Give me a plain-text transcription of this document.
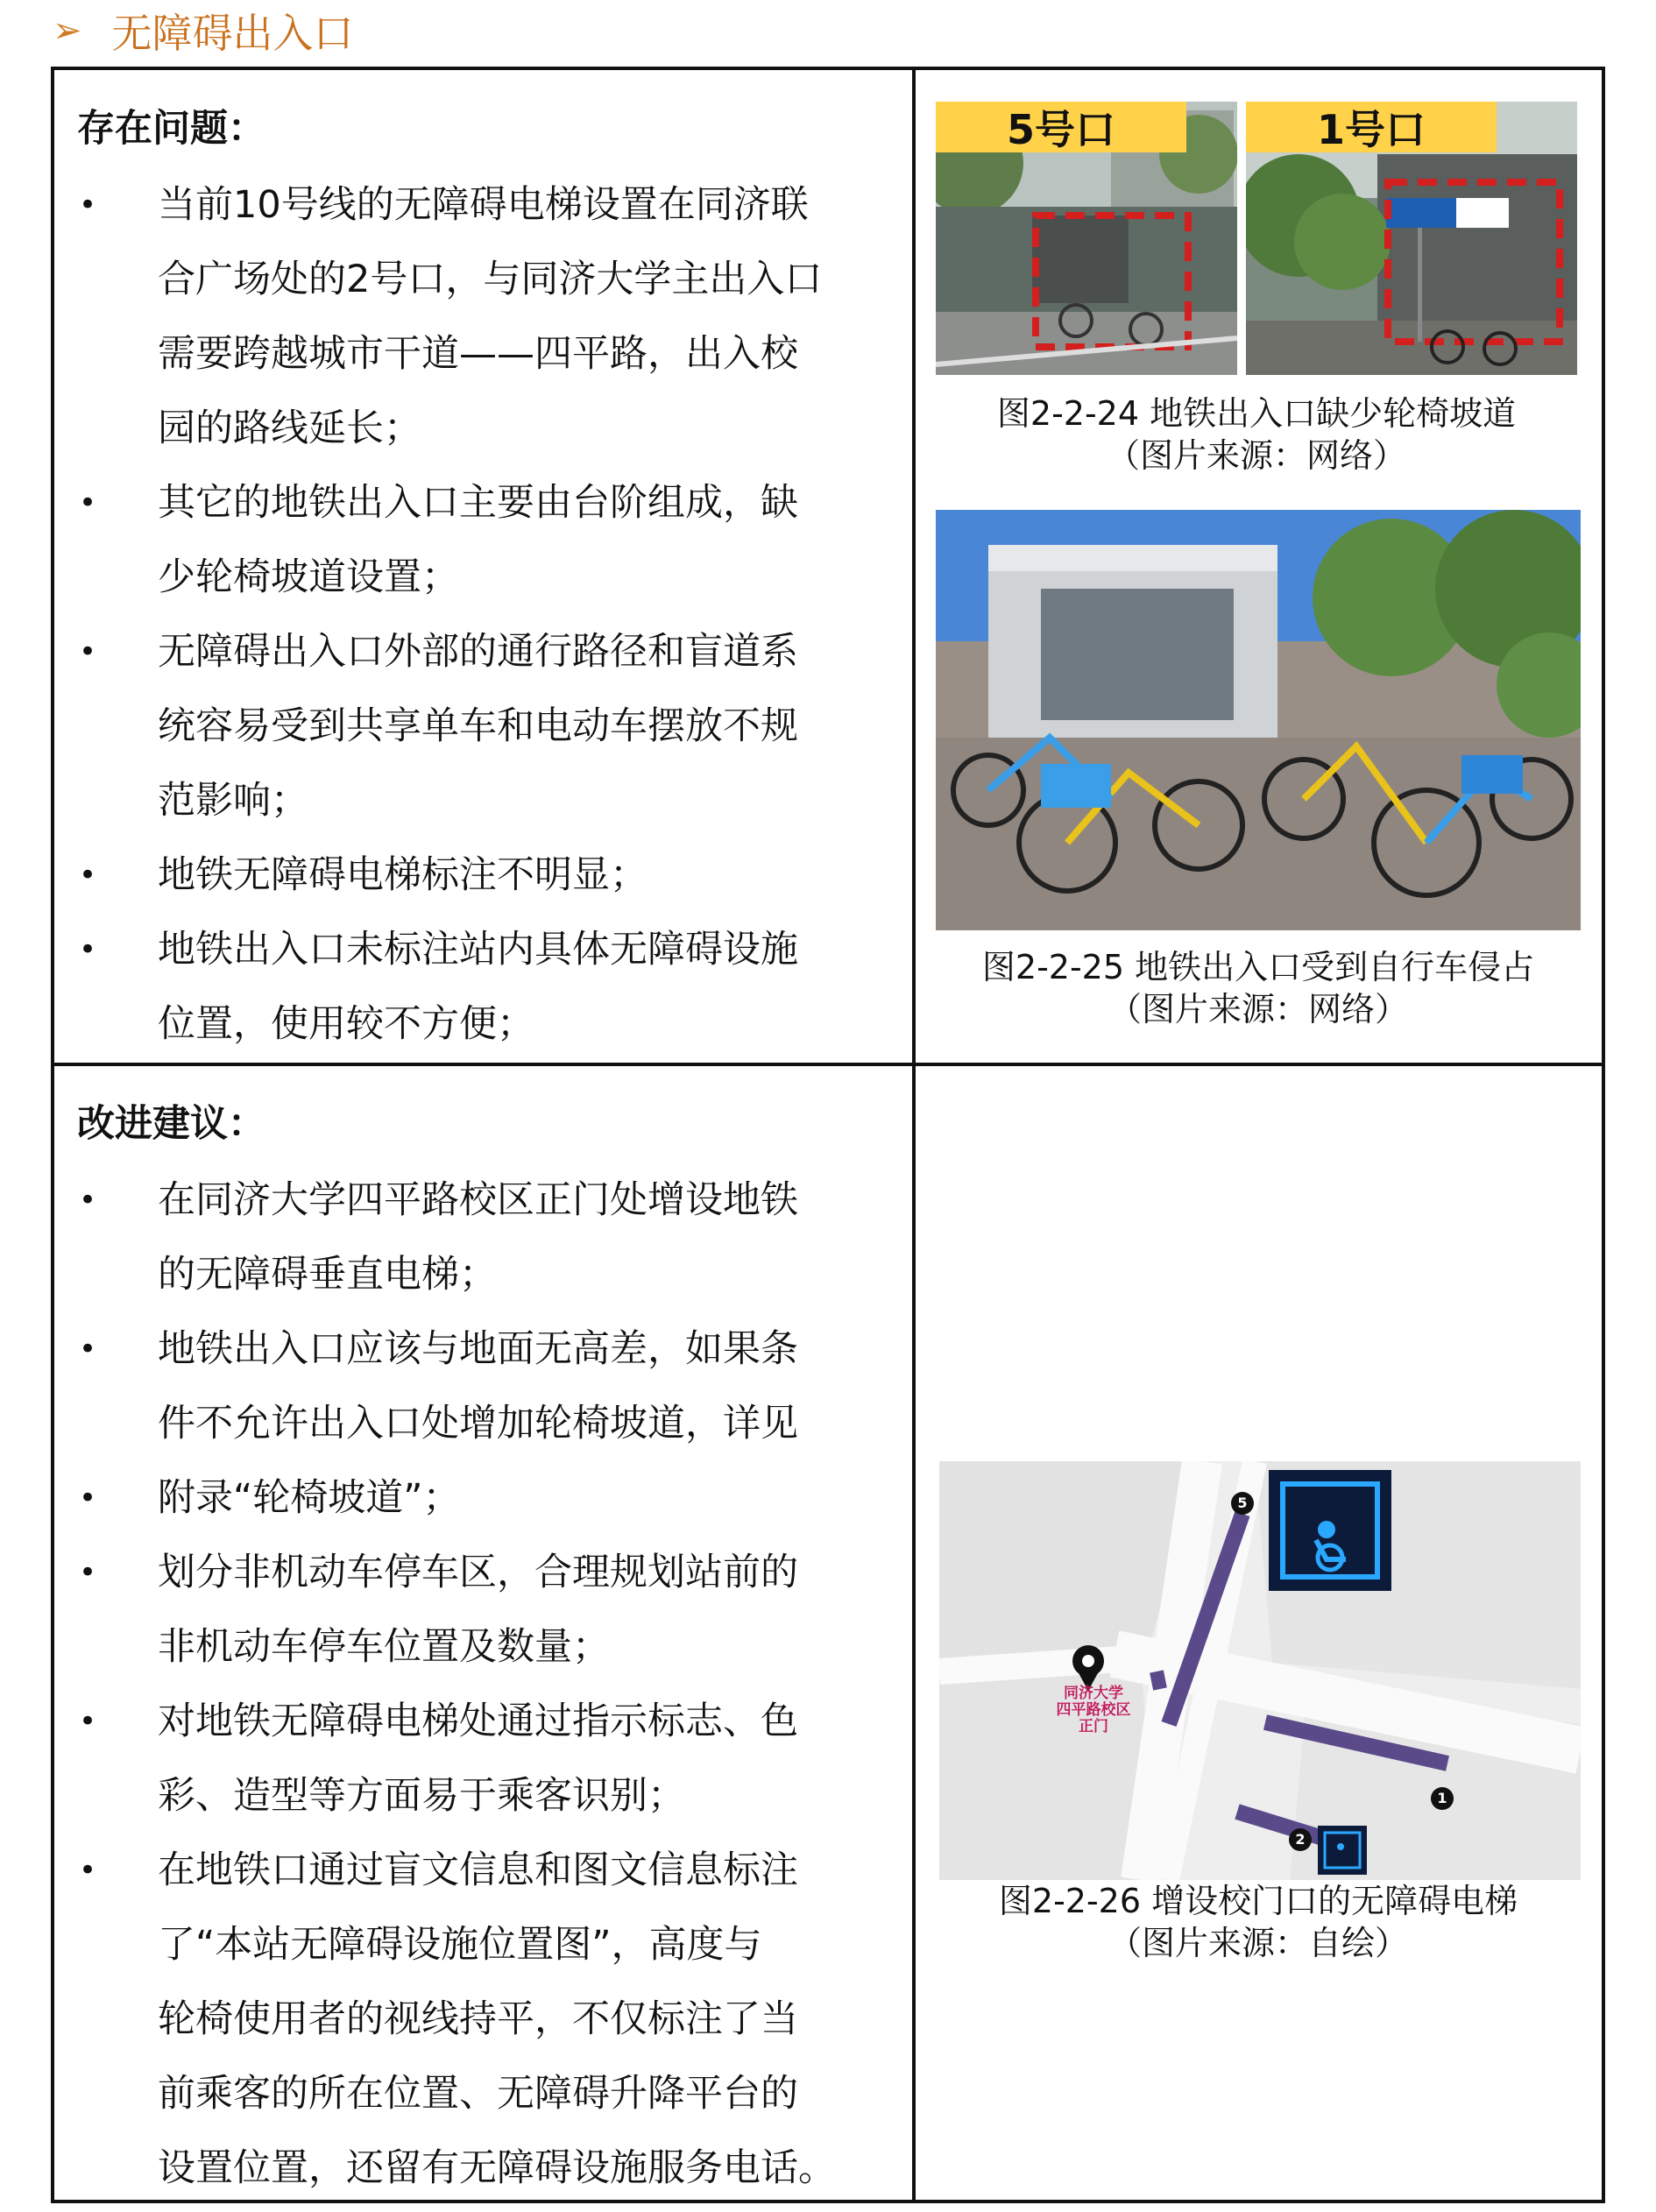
➢ 无障碍出入口
存在问题：
• 当前10号线的无障碍电梯设置在同济联
合广场处的2号口，与同济大学主出入口
需要跨越城市干道——四平路，出入校
园的路线延长；
• 其它的地铁出入口主要由台阶组成，缺
少轮椅坡道设置；
• 无障碍出入口外部的通行路径和盲道系
统容易受到共享单车和电动车摆放不规
范影响；
• 地铁无障碍电梯标注不明显；
• 地铁出入口未标注站内具体无障碍设施
位置，使用较不方便；
改进建议：
• 在同济大学四平路校区正门处增设地铁
的无障碍垂直电梯；
• 地铁出入口应该与地面无高差，如果条
件不允许出入口处增加轮椅坡道，详见
• 附录“轮椅坡道”；
• 划分非机动车停车区，合理规划站前的
非机动车停车位置及数量；
• 对地铁无障碍电梯处通过指示标志、色
彩、造型等方面易于乘客识别；
• 在地铁口通过盲文信息和图文信息标注
了“本站无障碍设施位置图”，高度与
轮椅使用者的视线持平，不仅标注了当
前乘客的所在位置、无障碍升降平台的
设置位置，还留有无障碍设施服务电话。
5号口	1号口
图2-2-24 地铁出入口缺少轮椅坡道
（图片来源：网络）
图2-2-25 地铁出入口受到自行车侵占
（图片来源：网络）
同济大学
四平路校区
正门
5
1
2
图2-2-26 增设校门口的无障碍电梯
（图片来源：自绘）
